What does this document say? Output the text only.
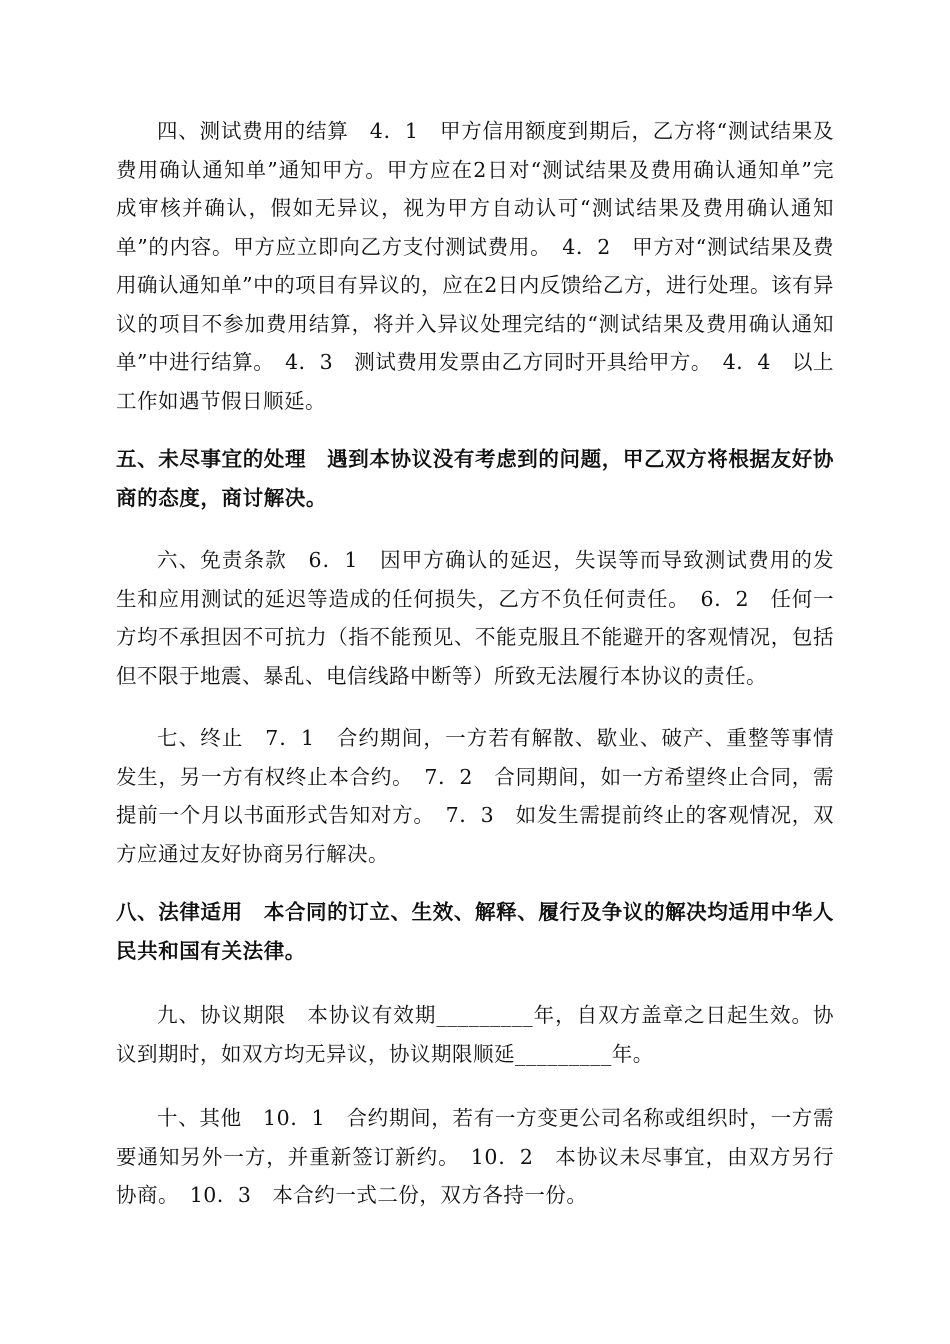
四、测试费用的结算　4．1　甲方信用额度到期后，乙方将“测试结果及费用确认通知单”通知甲方。甲方应在2日对“测试结果及费用确认通知单”完成审核并确认，假如无异议，视为甲方自动认可“测试结果及费用确认通知单”的内容。甲方应立即向乙方支付测试费用。　4．2　甲方对“测试结果及费用确认通知单”中的项目有异议的，应在2日内反馈给乙方，进行处理。该有异议的项目不参加费用结算，将并入异议处理完结的“测试结果及费用确认通知单”中进行结算。　4．3　测试费用发票由乙方同时开具给甲方。　4．4　以上工作如遇节假日顺延。

五、未尽事宜的处理　遇到本协议没有考虑到的问题，甲乙双方将根据友好协商的态度，商讨解决。

六、免责条款　6．1　因甲方确认的延迟，失误等而导致测试费用的发生和应用测试的延迟等造成的任何损失，乙方不负任何责任。　6．2　任何一方均不承担因不可抗力（指不能预见、不能克服且不能避开的客观情况，包括但不限于地震、暴乱、电信线路中断等）所致无法履行本协议的责任。

七、终止　7．1　合约期间，一方若有解散、歇业、破产、重整等事情发生，另一方有权终止本合约。　7．2　合同期间，如一方希望终止合同，需提前一个月以书面形式告知对方。　7．3　如发生需提前终止的客观情况，双方应通过友好协商另行解决。

八、法律适用　本合同的订立、生效、解释、履行及争议的解决均适用中华人民共和国有关法律。

九、协议期限　本协议有效期_________年，自双方盖章之日起生效。协议到期时，如双方均无异议，协议期限顺延_________年。

十、其他　10．1　合约期间，若有一方变更公司名称或组织时，一方需要通知另外一方，并重新签订新约。　10．2　本协议未尽事宜，由双方另行协商。　10．3　本合约一式二份，双方各持一份。
